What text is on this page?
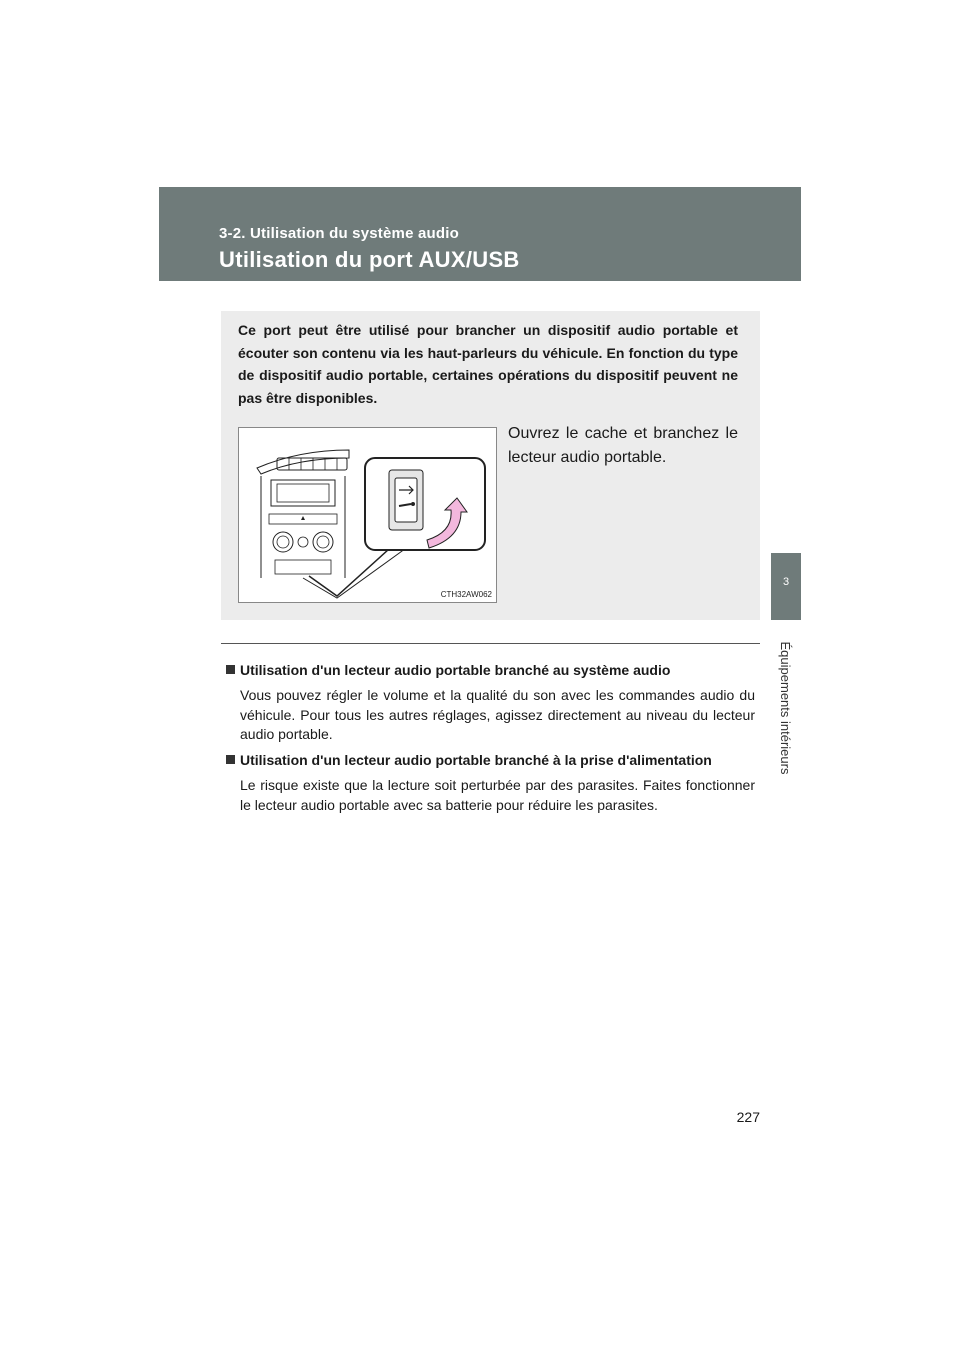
3-2. Utilisation du système audio
Utilisation du port AUX/USB
3
Équipements intérieurs

Ce port peut être utilisé pour brancher un dispositif audio portable et écouter son contenu via les haut-parleurs du véhicule. En fonction du type de dispositif audio portable, certaines opérations du dispositif peuvent ne pas être disponibles.

CTH32AW062

Ouvrez le cache et branchez le lecteur audio portable.

Utilisation d'un lecteur audio portable branché au système audio

Vous pouvez régler le volume et la qualité du son avec les commandes audio du véhicule. Pour tous les autres réglages, agissez directement au niveau du lecteur audio portable.

Utilisation d'un lecteur audio portable branché à la prise d'alimentation

Le risque existe que la lecture soit perturbée par des parasites. Faites fonctionner le lecteur audio portable avec sa batterie pour réduire les parasites.

227
